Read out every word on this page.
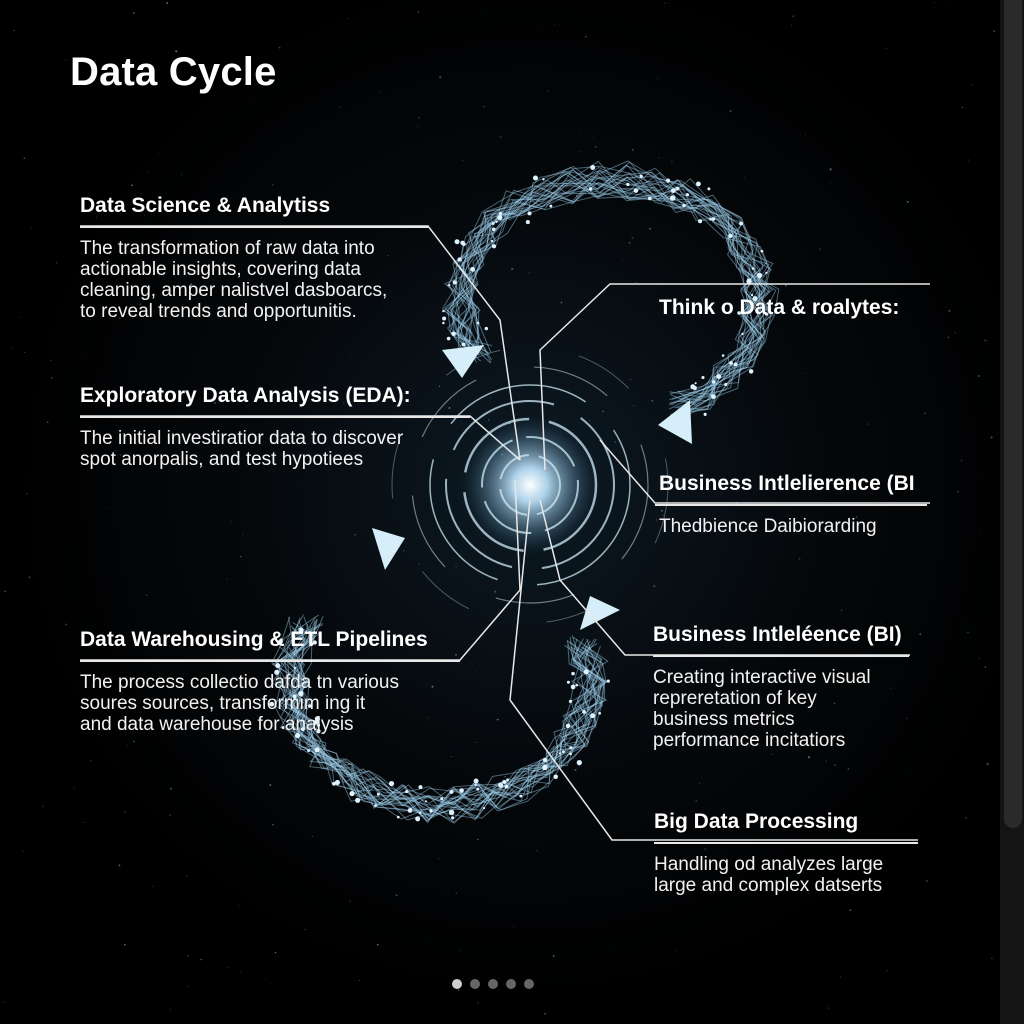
Data Cycle
Data Science & Analytiss

The transformation of raw data into
actionable insights, covering data
cleaning, amper nalistvel dasboarcs,
to reveal trends and opportunitis.

Exploratory Data Analysis (EDA):

The initial investiratior data to discover
spot anorpalis, and test hypotiees

Data Warehousing & ETL Pipelines

The process collectio dafda tn various
soures sources, transformim ing it
and data warehouse for analysis

Think o Data & roalytes:
Business Intlelierence (BI

Thedbience Daibiorarding

Business Intleléence (BI)

Creating interactive visual
repreretation of key
business metrics
performance incitatiors

Big Data Processing

Handling od analyzes large
large and complex datserts
